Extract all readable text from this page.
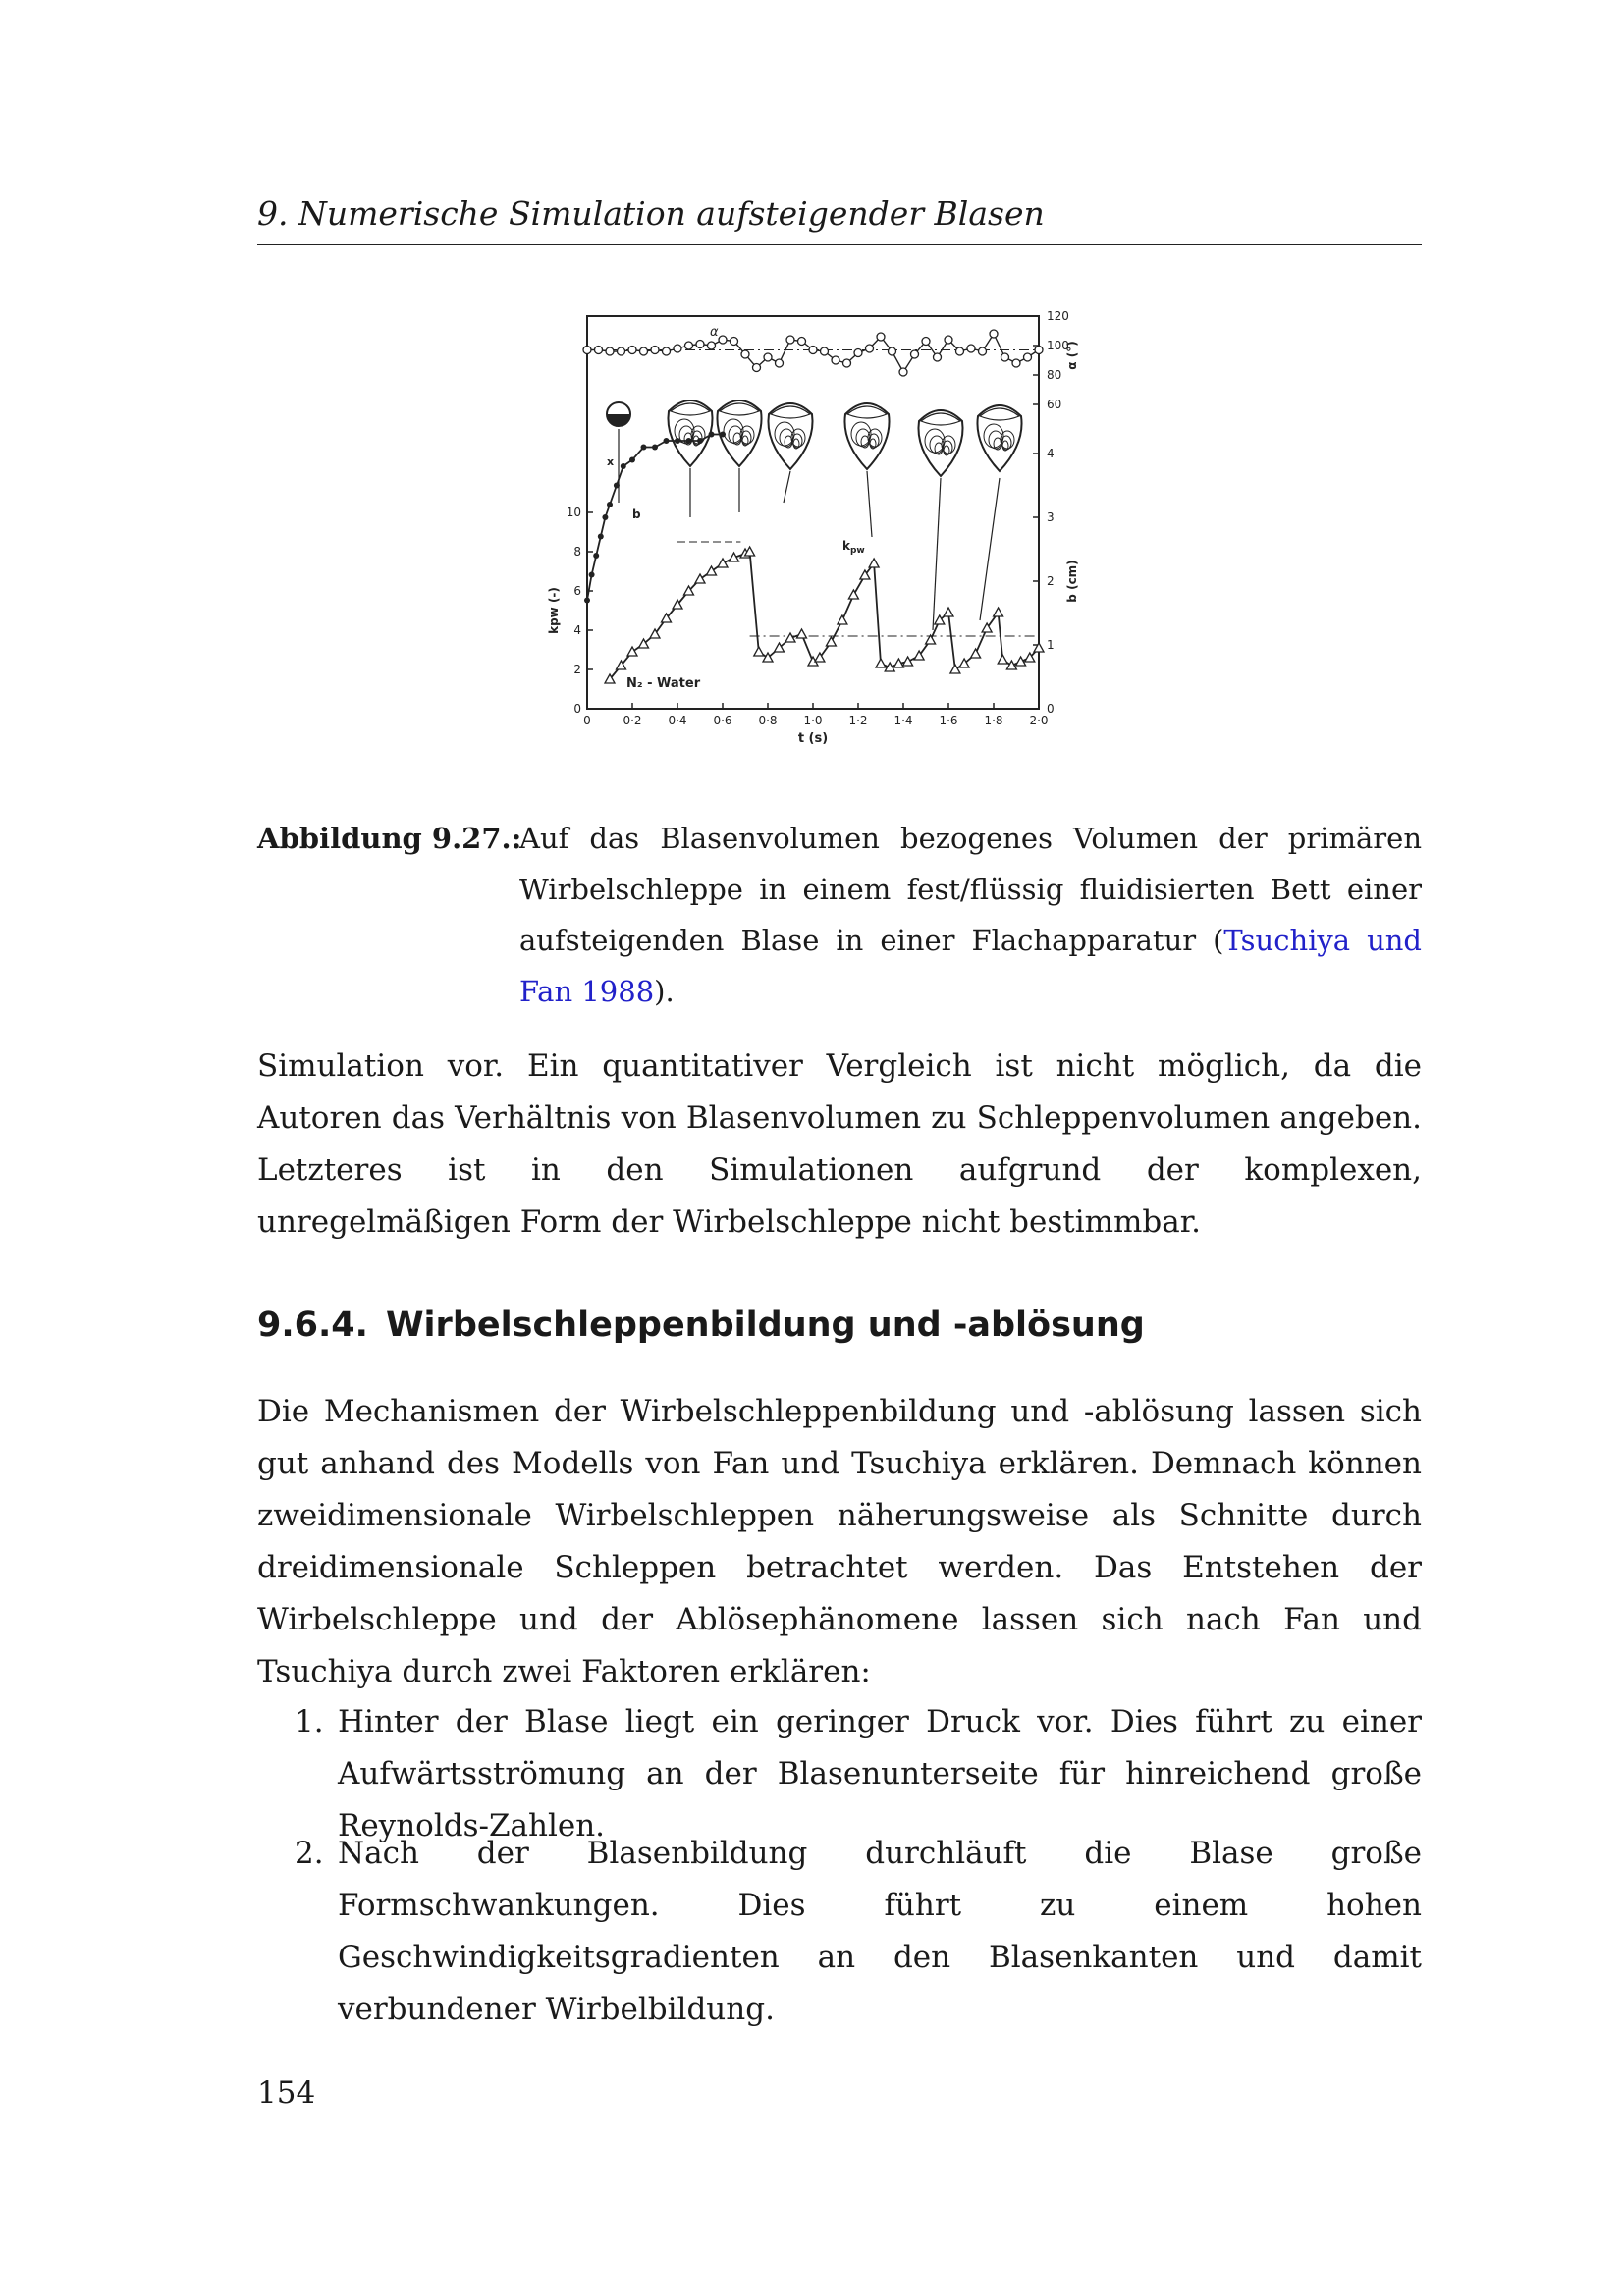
9. Numerische Simulation aufsteigender Blasen
0	0·2 0·4 0·6 0·8 1·0 1·2 1·4 1·6 1·8 2·0
t (s)
0
2
4
6
8
10
kpw (-)
0
1
2
3
4
b (cm)
60
80
100
120
α (°)
N₂ - Water
$k_{pw}$
b
α
x
Abbildung 9.27.:
Auf das Blasenvolumen bezogenes Volumen der primären Wirbelschleppe in einem fest/flüssig fluidisierten Bett einer aufsteigenden Blase in einer Flachapparatur (Tsuchiya und Fan 1988).

Simulation vor. Ein quantitativer Vergleich ist nicht möglich, da die Autoren das Verhältnis von Blasenvolumen zu Schleppenvolumen angeben. Letzteres ist in den Simulationen aufgrund der komplexen, unregelmäßigen Form der Wirbelschleppe nicht bestimmbar.

9.6.4. Wirbelschleppenbildung und -ablösung

Die Mechanismen der Wirbelschleppenbildung und -ablösung lassen sich gut anhand des Modells von Fan und Tsuchiya erklären. Demnach können zweidimensionale Wirbelschleppen näherungsweise als Schnitte durch dreidimensionale Schleppen betrachtet werden. Das Entstehen der Wirbelschleppe und der Ablösephänomene lassen sich nach Fan und Tsuchiya durch zwei Faktoren erklären:

1. Hinter der Blase liegt ein geringer Druck vor. Dies führt zu einer Aufwärtsströmung an der Blasenunterseite für hinreichend große Reynolds-Zahlen.
2. Nach der Blasenbildung durchläuft die Blase große Formschwankungen. Dies führt zu einem hohen Geschwindigkeitsgradienten an den Blasenkanten und damit verbundener Wirbelbildung.
154
